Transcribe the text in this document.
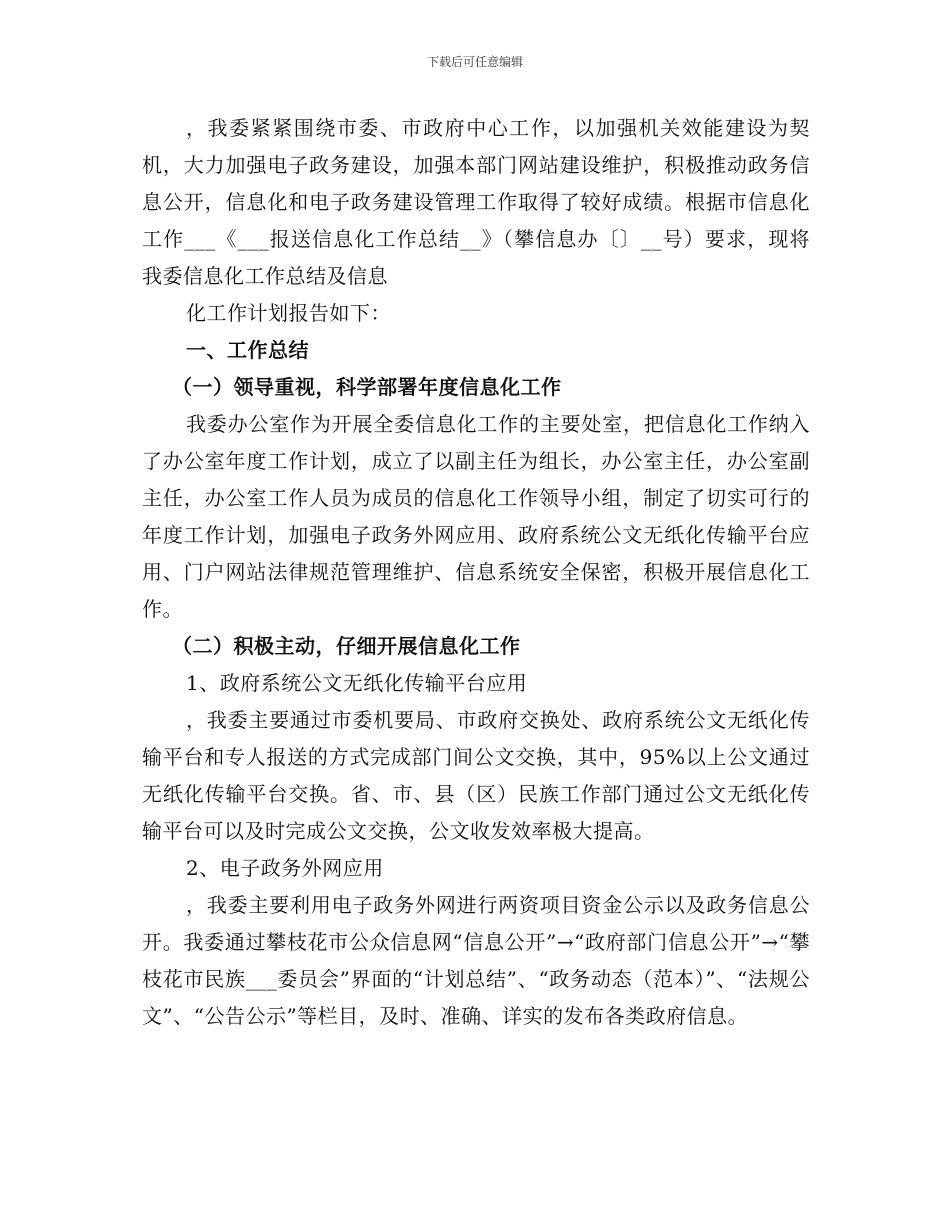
下载后可任意编辑

，我委紧紧围绕市委、市政府中心工作，以加强机关效能建设为契机，大力加强电子政务建设，加强本部门网站建设维护，积极推动政务信息公开，信息化和电子政务建设管理工作取得了较好成绩。根据市信息化工作___《___报送信息化工作总结__》（攀信息办〔〕__号）要求，现将我委信息化工作总结及信息

化工作计划报告如下：

一、工作总结

（一）领导重视，科学部署年度信息化工作

我委办公室作为开展全委信息化工作的主要处室，把信息化工作纳入了办公室年度工作计划，成立了以副主任为组长，办公室主任，办公室副主任，办公室工作人员为成员的信息化工作领导小组，制定了切实可行的年度工作计划，加强电子政务外网应用、政府系统公文无纸化传输平台应用、门户网站法律规范管理维护、信息系统安全保密，积极开展信息化工作。

（二）积极主动，仔细开展信息化工作

1、政府系统公文无纸化传输平台应用

，我委主要通过市委机要局、市政府交换处、政府系统公文无纸化传输平台和专人报送的方式完成部门间公文交换，其中，95%以上公文通过无纸化传输平台交换。省、市、县（区）民族工作部门通过公文无纸化传输平台可以及时完成公文交换，公文收发效率极大提高。

2、电子政务外网应用

，我委主要利用电子政务外网进行两资项目资金公示以及政务信息公开。我委通过攀枝花市公众信息网“信息公开”→“政府部门信息公开”→“攀枝花市民族___委员会”界面的“计划总结”、“政务动态（范本）”、“法规公文”、“公告公示”等栏目，及时、准确、详实的发布各类政府信息。
